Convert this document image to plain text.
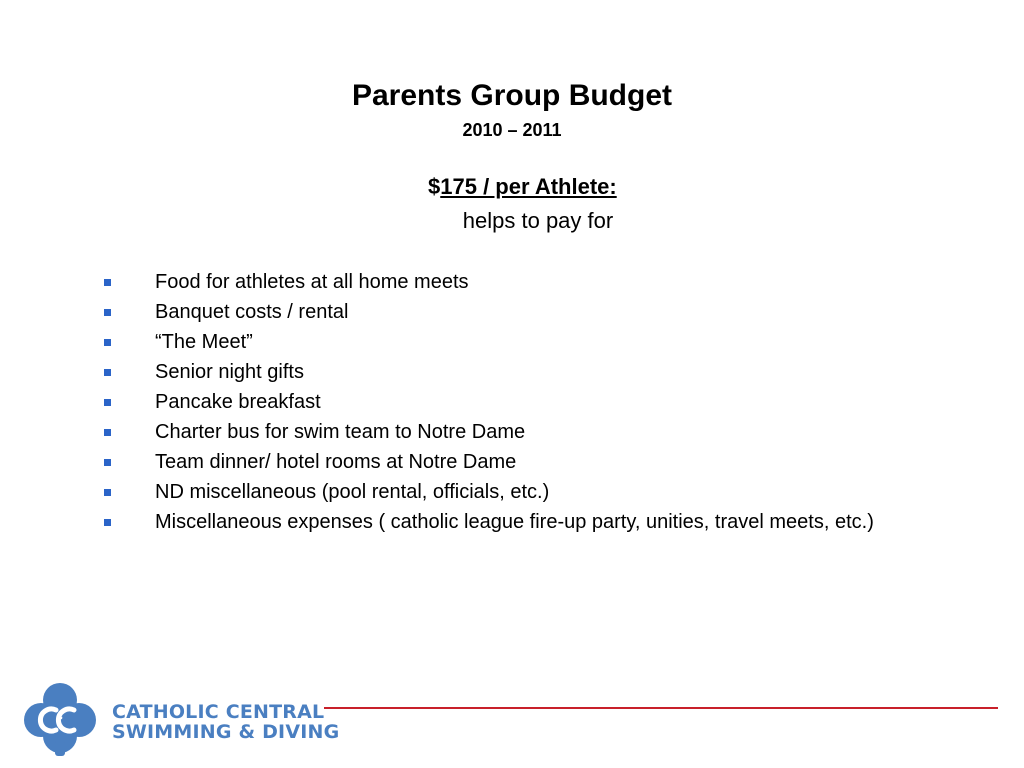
Parents Group Budget
2010 – 2011
$175 / per Athlete:
helps to pay for
Food for athletes at all home meets
Banquet costs / rental
“The Meet”
Senior night gifts
Pancake breakfast
Charter bus for swim team to Notre Dame
Team dinner/ hotel rooms at Notre Dame
ND miscellaneous (pool rental, officials, etc.)
Miscellaneous expenses ( catholic league fire-up party, unities, travel meets, etc.)
CATHOLIC CENTRAL
SWIMMING & DIVING
